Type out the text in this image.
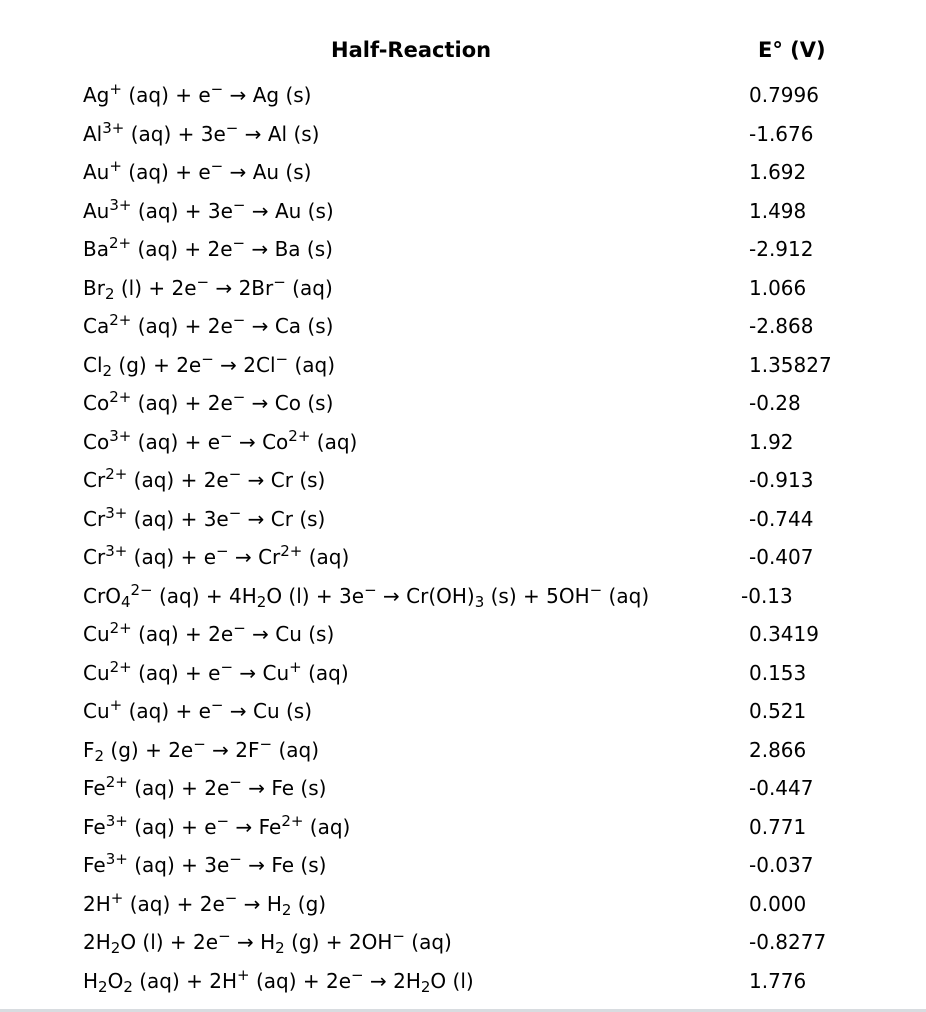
Half-Reaction	E° (V)
Ag+ (aq) + e− → Ag (s)	0.7996
$Al^{3+}$ (aq) + 3e− → Al (s)	-1.676
Au+ (aq) + e− → Au (s)	1.692
$Au^{3+}$ (aq) + 3e− → Au (s)	1.498
$Ba^{2+}$ (aq) + 2e− → Ba (s)	-2.912
$Br_2$ (l) + 2e− → 2Br− (aq)	1.066
$Ca^{2+}$ (aq) + 2e− → Ca (s)	-2.868
$Cl_2$ (g) + 2e− → 2Cl− (aq)	1.35827
$Co^{2+}$ (aq) + 2e− → Co (s)	-0.28
$Co^{3+}$ $(aq) + e^- \to Co^{2+}$ (aq)	1.92
$Cr^{2+}$ (aq) + 2e− → Cr (s)	-0.913
$Cr^{3+}$ (aq) + 3e− → Cr (s)	-0.744
$Cr^{3+}$ $(aq) + e^- \to Cr^{2+}$ (aq)	-0.407
CrO$_4^{2-}$ $(aq) + 4H_2O$ $(l) + 3e^- \to Cr(OH)_3$ (s) + 5OH− (aq)	-0.13
$Cu^{2+}$ (aq) + 2e− → Cu (s)	0.3419
$Cu^{2+}$ (aq) + e− → Cu+ (aq)	0.153
Cu+ (aq) + e− → Cu (s)	0.521
$F_2$ (g) + 2e− → 2F− (aq)	2.866
$Fe^{2+}$ (aq) + 2e− → Fe (s)	-0.447
$Fe^{3+}$ $(aq) + e^- \to Fe^{2+}$ (aq)	0.771
$Fe^{3+}$ (aq) + 3e− → Fe (s)	-0.037
2H+ $(aq) + 2e^- \to H_2$ (g)	0.000
$2H_2O$ $(l) + 2e^- \to H_2$ (g) + 2OH− (aq)	-0.8277
$H_2O_2$ (aq) + 2H+ $(aq) + 2e^- \to 2H_2O$ (l)	1.776
